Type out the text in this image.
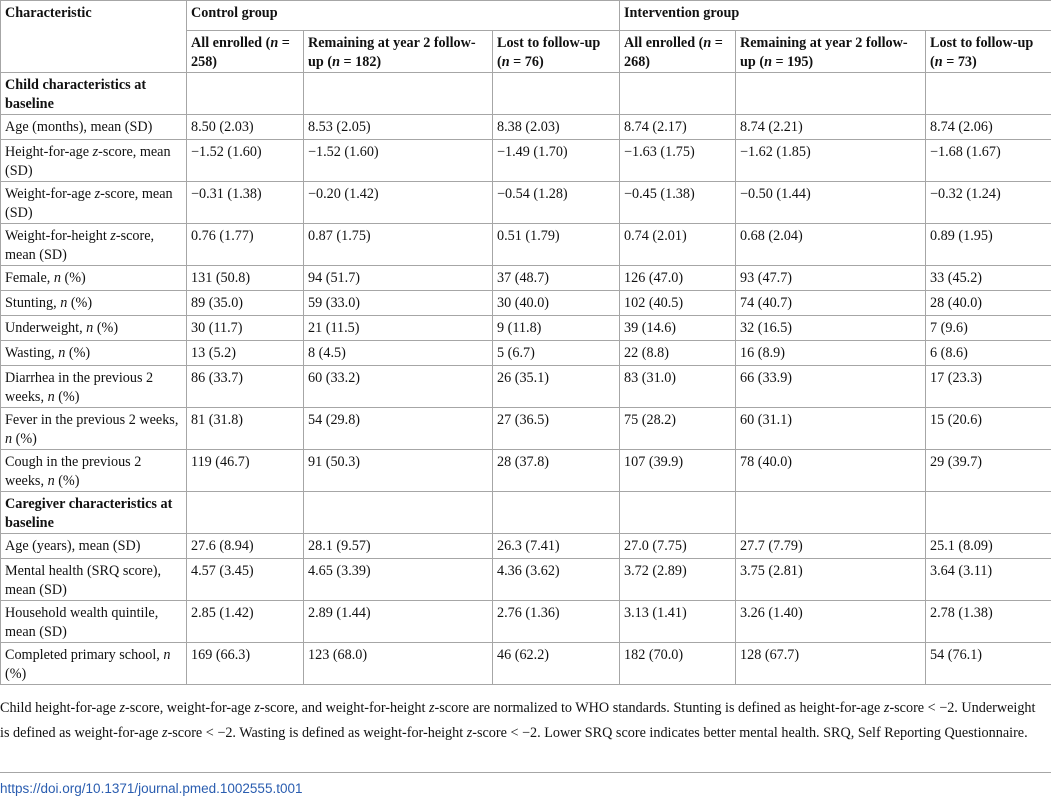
Characteristic	Control group			Intervention group		
	All enrolled (n = 258)	Remaining at year 2 follow-up (n = 182)	Lost to follow-up (n = 76)	All enrolled (n = 268)	Remaining at year 2 follow-up (n = 195)	Lost to follow-up (n = 73)
Child characteristics at baseline						
Age (months), mean (SD)	8.50 (2.03)	8.53 (2.05)	8.38 (2.03)	8.74 (2.17)	8.74 (2.21)	8.74 (2.06)
Height-for-age z-score, mean (SD)	−1.52 (1.60)	−1.52 (1.60)	−1.49 (1.70)	−1.63 (1.75)	−1.62 (1.85)	−1.68 (1.67)
Weight-for-age z-score, mean (SD)	−0.31 (1.38)	−0.20 (1.42)	−0.54 (1.28)	−0.45 (1.38)	−0.50 (1.44)	−0.32 (1.24)
Weight-for-height z-score, mean (SD)	0.76 (1.77)	0.87 (1.75)	0.51 (1.79)	0.74 (2.01)	0.68 (2.04)	0.89 (1.95)
Female, n (%)	131 (50.8)	94 (51.7)	37 (48.7)	126 (47.0)	93 (47.7)	33 (45.2)
Stunting, n (%)	89 (35.0)	59 (33.0)	30 (40.0)	102 (40.5)	74 (40.7)	28 (40.0)
Underweight, n (%)	30 (11.7)	21 (11.5)	9 (11.8)	39 (14.6)	32 (16.5)	7 (9.6)
Wasting, n (%)	13 (5.2)	8 (4.5)	5 (6.7)	22 (8.8)	16 (8.9)	6 (8.6)
Diarrhea in the previous 2 weeks, n (%)	86 (33.7)	60 (33.2)	26 (35.1)	83 (31.0)	66 (33.9)	17 (23.3)
Fever in the previous 2 weeks, n (%)	81 (31.8)	54 (29.8)	27 (36.5)	75 (28.2)	60 (31.1)	15 (20.6)
Cough in the previous 2 weeks, n (%)	119 (46.7)	91 (50.3)	28 (37.8)	107 (39.9)	78 (40.0)	29 (39.7)
Caregiver characteristics at baseline						
Age (years), mean (SD)	27.6 (8.94)	28.1 (9.57)	26.3 (7.41)	27.0 (7.75)	27.7 (7.79)	25.1 (8.09)
Mental health (SRQ score), mean (SD)	4.57 (3.45)	4.65 (3.39)	4.36 (3.62)	3.72 (2.89)	3.75 (2.81)	3.64 (3.11)
Household wealth quintile, mean (SD)	2.85 (1.42)	2.89 (1.44)	2.76 (1.36)	3.13 (1.41)	3.26 (1.40)	2.78 (1.38)
Completed primary school, n (%)	169 (66.3)	123 (68.0)	46 (62.2)	182 (70.0)	128 (67.7)	54 (76.1)
Child height-for-age z-score, weight-for-age z-score, and weight-for-height z-score are normalized to WHO standards. Stunting is defined as height-for-age z-score < −2. Underweight is defined as weight-for-age z-score < −2. Wasting is defined as weight-for-height z-score < −2. Lower SRQ score indicates better mental health. SRQ, Self Reporting Questionnaire.
https://doi.org/10.1371/journal.pmed.1002555.t001
